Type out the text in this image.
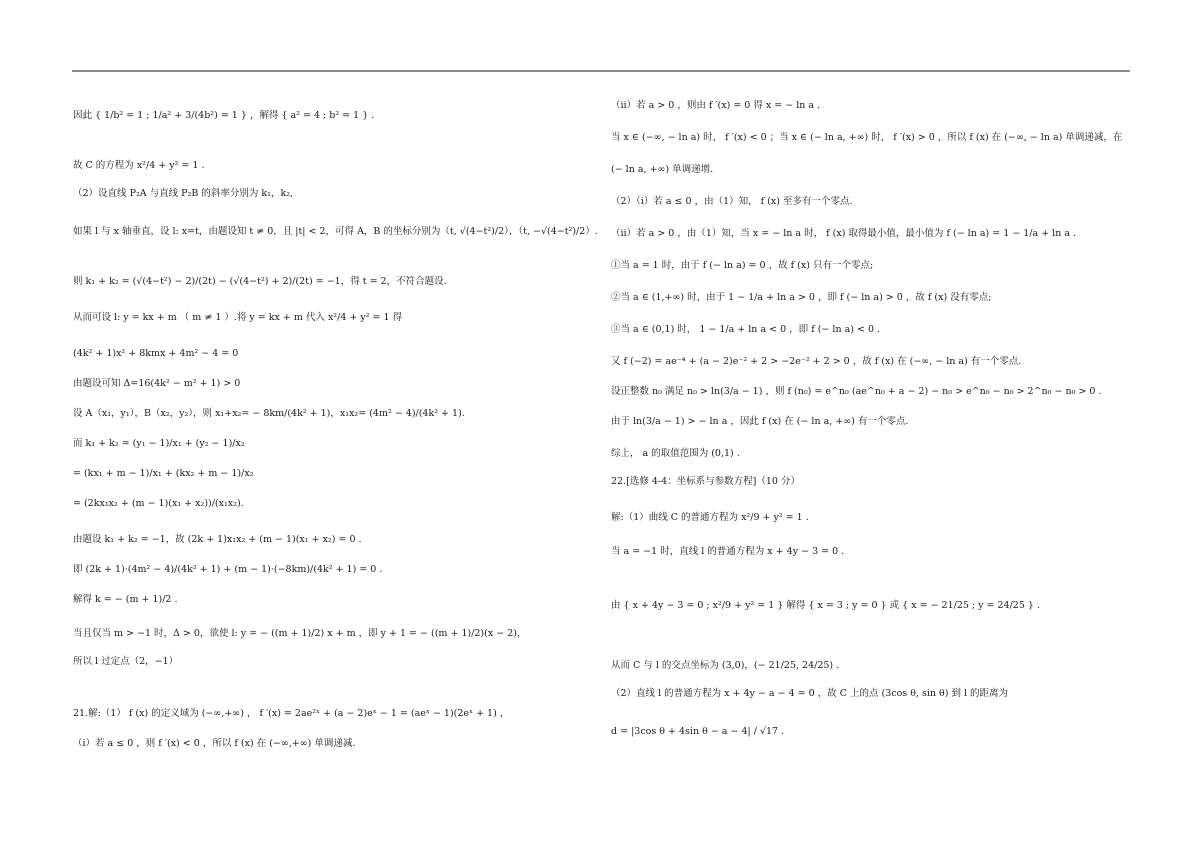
因此 { 1/b² = 1 ; 1/a² + 3/(4b²) = 1 } ，解得 { a² = 4 ; b² = 1 } .
故 C 的方程为 x²/4 + y² = 1 .
（2）设直线 P₂A 与直线 P₂B 的斜率分别为 k₁，k₂,
如果 l 与 x 轴垂直，设 l: x=t，由题设知 t ≠ 0，且 |t| < 2，可得 A，B 的坐标分别为（t, √(4−t²)/2），（t, −√(4−t²)/2）.
则 k₁ + k₂ = (√(4−t²) − 2)/(2t) − (√(4−t²) + 2)/(2t) = −1，得 t = 2，不符合题设.
从而可设 l: y = kx + m （ m ≠ 1 ）.将 y = kx + m 代入 x²/4 + y² = 1 得
(4k² + 1)x² + 8kmx + 4m² − 4 = 0
由题设可知 Δ=16(4k² − m² + 1) > 0
设 A（x₁，y₁），B（x₂，y₂），则 x₁+x₂= − 8km/(4k² + 1)，x₁x₂= (4m² − 4)/(4k² + 1).
而 k₁ + k₂ = (y₁ − 1)/x₁ + (y₂ − 1)/x₂
= (kx₁ + m − 1)/x₁ + (kx₂ + m − 1)/x₂
= (2kx₁x₂ + (m − 1)(x₁ + x₂))/(x₁x₂).
由题设 k₁ + k₂ = −1，故 (2k + 1)x₁x₂ + (m − 1)(x₁ + x₂) = 0 .
即 (2k + 1)·(4m² − 4)/(4k² + 1) + (m − 1)·(−8km)/(4k² + 1) = 0 .
解得 k = − (m + 1)/2 .
当且仅当 m > −1 时，Δ > 0，欲使 l: y = − ((m + 1)/2) x + m ，即 y + 1 = − ((m + 1)/2)(x − 2)，
所以 l 过定点（2，−1）
21.解:（1） f (x) 的定义域为 (−∞,+∞) ， f ′(x) = 2ae²ˣ + (a − 2)eˣ − 1 = (aeˣ − 1)(2eˣ + 1) ，
（ⅰ）若 a ≤ 0 ，则 f ′(x) < 0 ，所以 f (x) 在 (−∞,+∞) 单调递减.
（ⅱ）若 a > 0 ，则由 f ′(x) = 0 得 x = − ln a .
当 x ∈ (−∞, − ln a) 时， f ′(x) < 0 ；当 x ∈ (− ln a, +∞) 时， f ′(x) > 0 ，所以 f (x) 在 (−∞, − ln a) 单调递减，在
(− ln a, +∞) 单调递增.
（2）（ⅰ）若 a ≤ 0 ，由（1）知， f (x) 至多有一个零点.
（ⅱ）若 a > 0 ，由（1）知，当 x = − ln a 时， f (x) 取得最小值，最小值为 f (− ln a) = 1 − 1/a + ln a .
①当 a = 1 时，由于 f (− ln a) = 0 ，故 f (x) 只有一个零点;
②当 a ∈ (1,+∞) 时，由于 1 − 1/a + ln a > 0 ，即 f (− ln a) > 0 ，故 f (x) 没有零点;
③当 a ∈ (0,1) 时， 1 − 1/a + ln a < 0 ，即 f (− ln a) < 0 .
又 f (−2) = ae⁻⁴ + (a − 2)e⁻² + 2 > −2e⁻² + 2 > 0 ，故 f (x) 在 (−∞, − ln a) 有一个零点.
设正整数 n₀ 满足 n₀ > ln(3/a − 1) ，则 f (n₀) = e^n₀ (ae^n₀ + a − 2) − n₀ > e^n₀ − n₀ > 2^n₀ − n₀ > 0 .
由于 ln(3/a − 1) > − ln a ，因此 f (x) 在 (− ln a, +∞) 有一个零点.
综上， a 的取值范围为 (0,1) .
22.[选修 4-4：坐标系与参数方程]（10 分）
解:（1）曲线 C 的普通方程为 x²/9 + y² = 1 .
当 a = −1 时，直线 l 的普通方程为 x + 4y − 3 = 0 .
由 { x + 4y − 3 = 0 ; x²/9 + y² = 1 } 解得 { x = 3 ; y = 0 } 或 { x = − 21/25 ; y = 24/25 } .
从而 C 与 l 的交点坐标为 (3,0)，(− 21/25, 24/25) .
（2）直线 l 的普通方程为 x + 4y − a − 4 = 0 ，故 C 上的点 (3cos θ, sin θ) 到 l 的距离为
d = |3cos θ + 4sin θ − a − 4| / √17 .
